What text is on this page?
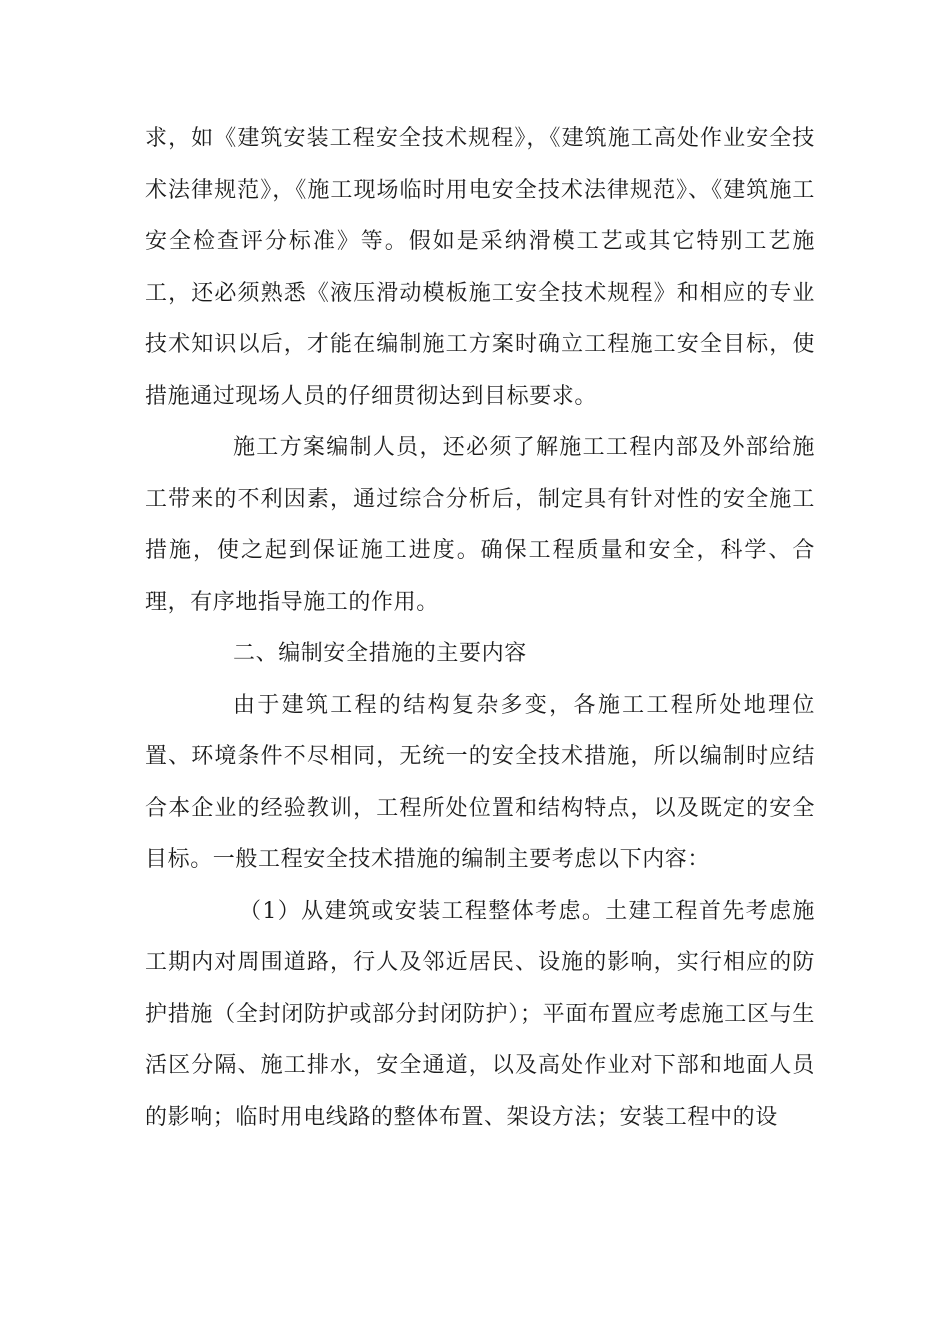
求，如《建筑安装工程安全技术规程》，《建筑施工高处作业安全技术法律规范》，《施工现场临时用电安全技术法律规范》、《建筑施工安全检查评分标准》等。假如是采纳滑模工艺或其它特别工艺施工，还必须熟悉《液压滑动模板施工安全技术规程》和相应的专业技术知识以后，才能在编制施工方案时确立工程施工安全目标，使措施通过现场人员的仔细贯彻达到目标要求。

施工方案编制人员，还必须了解施工工程内部及外部给施工带来的不利因素，通过综合分析后，制定具有针对性的安全施工措施，使之起到保证施工进度。确保工程质量和安全，科学、合理，有序地指导施工的作用。

二、编制安全措施的主要内容

由于建筑工程的结构复杂多变，各施工工程所处地理位置、环境条件不尽相同，无统一的安全技术措施，所以编制时应结合本企业的经验教训，工程所处位置和结构特点，以及既定的安全目标。一般工程安全技术措施的编制主要考虑以下内容：

（1）从建筑或安装工程整体考虑。土建工程首先考虑施工期内对周围道路，行人及邻近居民、设施的影响，实行相应的防护措施（全封闭防护或部分封闭防护）；平面布置应考虑施工区与生活区分隔、施工排水，安全通道，以及高处作业对下部和地面人员的影响；临时用电线路的整体布置、架设方法；安装工程中的设
